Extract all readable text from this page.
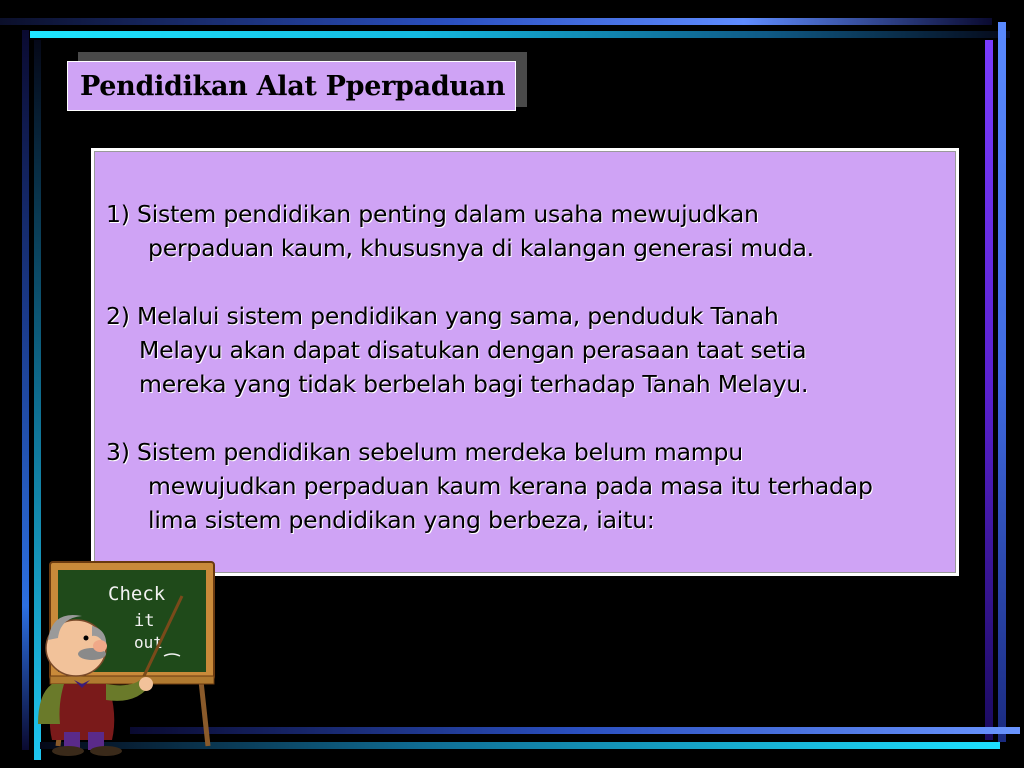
Pendidikan Alat Pperpaduan
1) Sistem pendidikan penting dalam usaha mewujudkan
perpaduan kaum, khususnya di kalangan generasi muda.
2) Melalui sistem pendidikan yang sama, penduduk Tanah
Melayu akan dapat disatukan dengan perasaan taat setia
mereka yang tidak berbelah bagi terhadap Tanah Melayu.
3) Sistem pendidikan sebelum merdeka belum mampu
mewujudkan perpaduan kaum kerana pada masa itu terhadap
lima sistem pendidikan yang berbeza, iaitu:
Check
it
out
